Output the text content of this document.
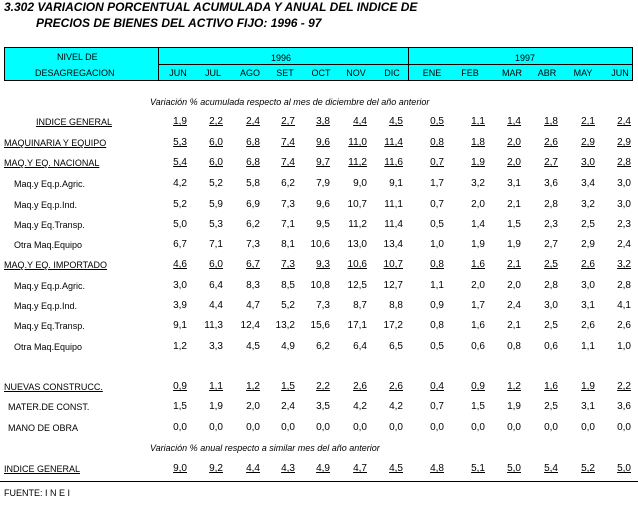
3.302 VARIACION PORCENTUAL ACUMULADA Y ANUAL DEL INDICE DE
PRECIOS DE BIENES DEL ACTIVO FIJO: 1996 - 97
NIVEL DE
DESAGREGACION
1996	1997
JUN	JUL	AGO	SET	OCT NOV	DIC	ENE	FEB	MAR	ABR	MAY	JUN
Variación % acumulada respecto al mes de diciembre del año anterior
Variación % anual respecto a similar mes del año anterior
INDICE GENERAL	1,9	2,2	2,4	2,7	3,8	4,4	4,5	0,5	1,1	1,4	1,8	2,1	2,4
MAQUINARIA Y EQUIPO	5,3	6,0	6,8	7,4	9,6	11,0	11,4	0,8	1,8	2,0	2,6	2,9	2,9
MAQ.Y EQ. NACIONAL	5,4	6,0	6,8	7,4	9,7	11,2	11,6	0,7	1,9	2,0	2,7	3,0	2,8
Maq.y Eq.p.Agric.	4,2	5,2	5,8	6,2	7,9	9,0	9,1	1,7	3,2	3,1	3,6	3,4	3,0
Maq.y Eq.p.Ind.	5,2	5,9	6,9	7,3	9,6	10,7	11,1	0,7	2,0	2,1	2,8	3,2	3,0
Maq.y Eq.Transp.	5,0	5,3	6,2	7,1	9,5	11,2	11,4	0,5	1,4	1,5	2,3	2,5	2,3
Otra Maq.Equipo	6,7	7,1	7,3	8,1	10,6	13,0	13,4	1,0	1,9	1,9	2,7	2,9	2,4
MAQ.Y EQ. IMPORTADO	4,6	6,0	6,7	7,3	9,3	10,6	10,7	0,8	1,6	2,1	2,5	2,6	3,2
Maq.y Eq.p.Agric.	3,0	6,4	8,3	8,5	10,8	12,5	12,7	1,1	2,0	2,0	2,8	3,0	2,8
Maq.y Eq.p.Ind.	3,9	4,4	4,7	5,2	7,3	8,7	8,8	0,9	1,7	2,4	3,0	3,1	4,1
Maq.y Eq.Transp.	9,1	11,3	12,4	13,2	15,6	17,1	17,2	0,8	1,6	2,1	2,5	2,6	2,6
Otra Maq.Equipo	1,2	3,3	4,5	4,9	6,2	6,4	6,5	0,5	0,6	0,8	0,6	1,1	1,0
NUEVAS CONSTRUCC.	0,9	1,1	1,2	1,5	2,2	2,6	2,6	0,4	0,9	1,2	1,6	1,9	2,2
MATER.DE CONST.	1,5	1,9	2,0	2,4	3,5	4,2	4,2	0,7	1,5	1,9	2,5	3,1	3,6
MANO DE OBRA	0,0	0,0	0,0	0,0	0,0	0,0	0,0	0,0	0,0	0,0	0,0	0,0	0,0
INDICE GENERAL	9,0	9,2	4,4	4,3	4,9	4,7	4,5	4,8	5,1	5,0	5,4	5,2	5,0
FUENTE: I N E I
